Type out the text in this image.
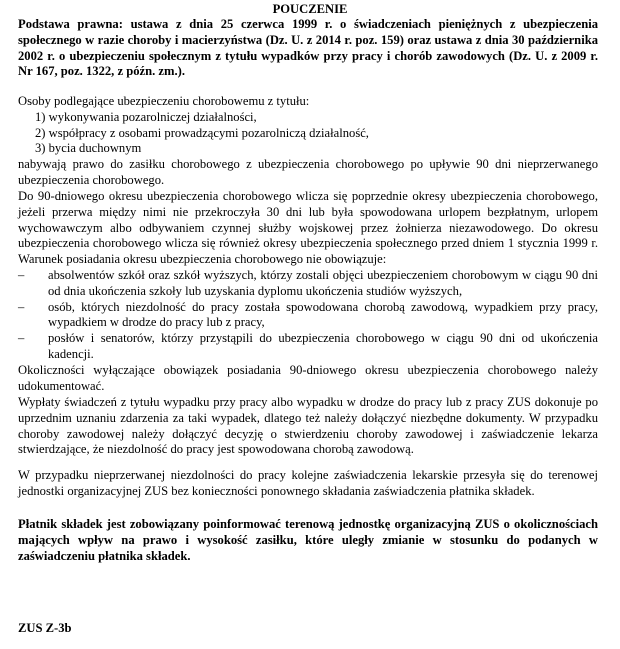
POUCZENIE

Podstawa prawna: ustawa z dnia 25 czerwca 1999 r. o świadczeniach pieniężnych z ubezpieczenia społecznego w razie choroby i macierzyństwa (Dz. U. z 2014 r. poz. 159) oraz ustawa z dnia 30 października 2002 r. o ubezpieczeniu społecznym z tytułu wypadków przy pracy i chorób zawodowych (Dz. U. z 2009 r. Nr 167, poz. 1322, z późn. zm.).

Osoby podlegające ubezpieczeniu chorobowemu z tytułu:

1) wykonywania pozarolniczej działalności,
2) współpracy z osobami prowadzącymi pozarolniczą działalność,
3) bycia duchownym

nabywają prawo do zasiłku chorobowego z ubezpieczenia chorobowego po upływie 90 dni nieprzerwanego ubezpieczenia chorobowego.

Do 90-dniowego okresu ubezpieczenia chorobowego wlicza się poprzednie okresy ubezpieczenia chorobowego, jeżeli przerwa między nimi nie przekroczyła 30 dni lub była spowodowana urlopem bezpłatnym, urlopem wychowawczym albo odbywaniem czynnej służby wojskowej przez żołnierza niezawodowego. Do okresu ubezpieczenia chorobowego wlicza się również okresy ubezpieczenia społecznego przed dniem 1 stycznia 1999 r. Warunek posiadania okresu ubezpieczenia chorobowego nie obowiązuje:

– absolwentów szkół oraz szkół wyższych, którzy zostali objęci ubezpieczeniem chorobowym w ciągu 90 dni od dnia ukończenia szkoły lub uzyskania dyplomu ukończenia studiów wyższych,
– osób, których niezdolność do pracy została spowodowana chorobą zawodową, wypadkiem przy pracy, wypadkiem w drodze do pracy lub z pracy,
– posłów i senatorów, którzy przystąpili do ubezpieczenia chorobowego w ciągu 90 dni od ukończenia kadencji.

Okoliczności wyłączające obowiązek posiadania 90-dniowego okresu ubezpieczenia chorobowego należy udokumentować.

Wypłaty świadczeń z tytułu wypadku przy pracy albo wypadku w drodze do pracy lub z pracy ZUS dokonuje po uprzednim uznaniu zdarzenia za taki wypadek, dlatego też należy dołączyć niezbędne dokumenty. W przypadku choroby zawodowej należy dołączyć decyzję o stwierdzeniu choroby zawodowej i zaświadczenie lekarza stwierdzające, że niezdolność do pracy jest spowodowana chorobą zawodową.

W przypadku nieprzerwanej niezdolności do pracy kolejne zaświadczenia lekarskie przesyła się do terenowej jednostki organizacyjnej ZUS bez konieczności ponownego składania zaświadczenia płatnika składek.

Płatnik składek jest zobowiązany poinformować terenową jednostkę organizacyjną ZUS o okolicznościach mających wpływ na prawo i wysokość zasiłku, które uległy zmianie w stosunku do podanych w zaświadczeniu płatnika składek.

ZUS Z-3b
